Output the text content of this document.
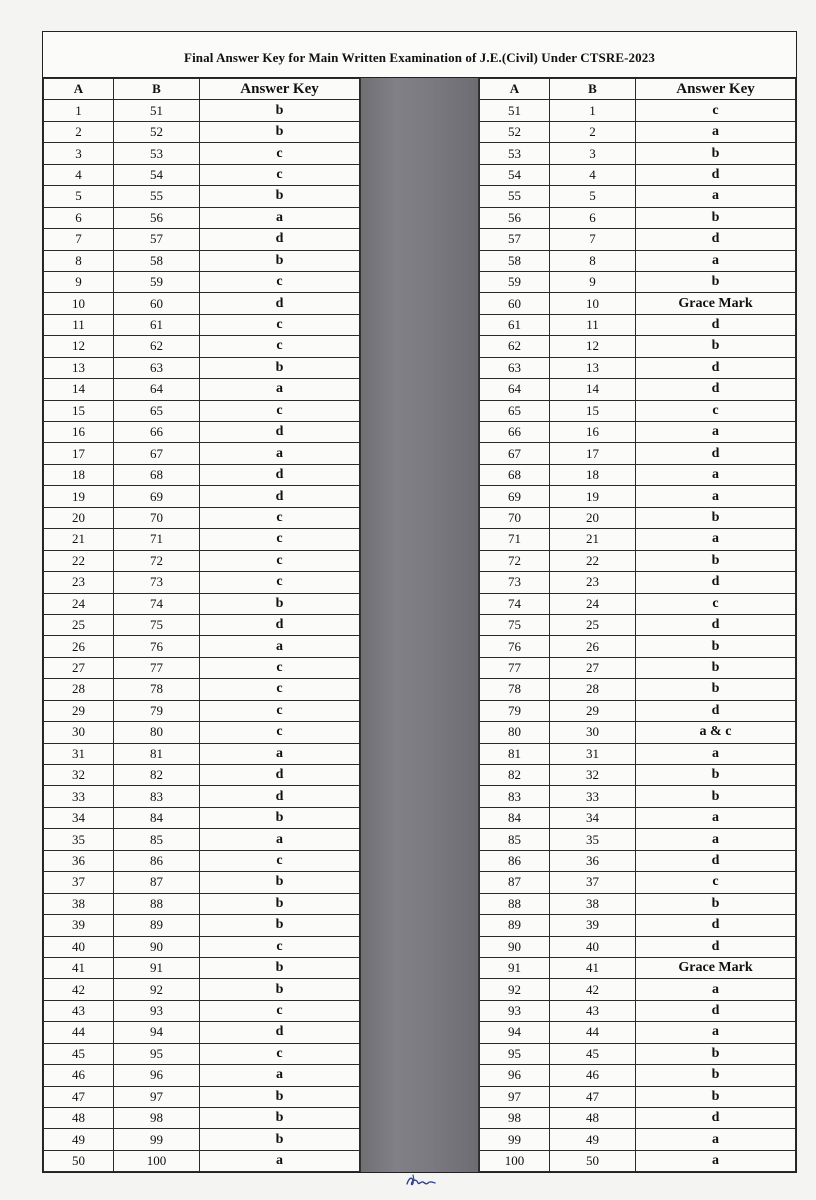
Final Answer Key for Main Written Examination of J.E.(Civil) Under CTSRE-2023
A	B	Answer Key
1	51	b
2	52	b
3	53	c
4	54	c
5	55	b
6	56	a
7	57	d
8	58	b
9	59	c
10	60	d
11	61	c
12	62	c
13	63	b
14	64	a
15	65	c
16	66	d
17	67	a
18	68	d
19	69	d
20	70	c
21	71	c
22	72	c
23	73	c
24	74	b
25	75	d
26	76	a
27	77	c
28	78	c
29	79	c
30	80	c
31	81	a
32	82	d
33	83	d
34	84	b
35	85	a
36	86	c
37	87	b
38	88	b
39	89	b
40	90	c
41	91	b
42	92	b
43	93	c
44	94	d
45	95	c
46	96	a
47	97	b
48	98	b
49	99	b
50	100	a
A	B	Answer Key
51	1	c
52	2	a
53	3	b
54	4	d
55	5	a
56	6	b
57	7	d
58	8	a
59	9	b
60	10	Grace Mark
61	11	d
62	12	b
63	13	d
64	14	d
65	15	c
66	16	a
67	17	d
68	18	a
69	19	a
70	20	b
71	21	a
72	22	b
73	23	d
74	24	c
75	25	d
76	26	b
77	27	b
78	28	b
79	29	d
80	30	a & c
81	31	a
82	32	b
83	33	b
84	34	a
85	35	a
86	36	d
87	37	c
88	38	b
89	39	d
90	40	d
91	41	Grace Mark
92	42	a
93	43	d
94	44	a
95	45	b
96	46	b
97	47	b
98	48	d
99	49	a
100	50	a
